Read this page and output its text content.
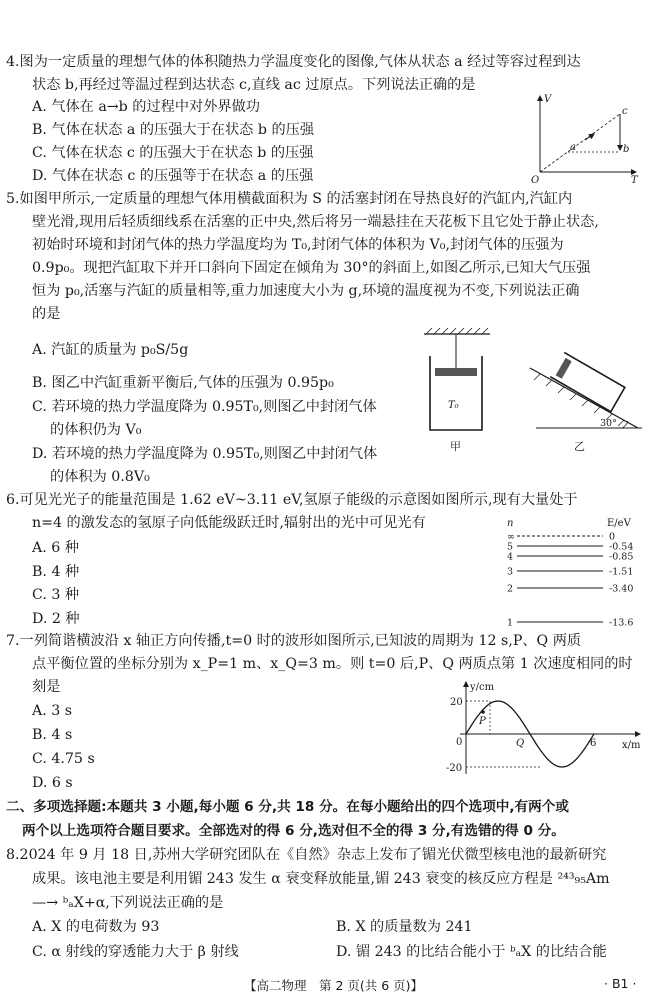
4.图为一定质量的理想气体的体积随热力学温度变化的图像,气体从状态 a 经过等容过程到达
状态 b,再经过等温过程到达状态 c,直线 ac 过原点。下列说法正确的是
A. 气体在 a→b 的过程中对外界做功
B. 气体在状态 a 的压强大于在状态 b 的压强
C. 气体在状态 c 的压强大于在状态 b 的压强
D. 气体在状态 c 的压强等于在状态 a 的压强
V
T
O
a	b
c
5.如图甲所示,一定质量的理想气体用横截面积为 S 的活塞封闭在导热良好的汽缸内,汽缸内
壁光滑,现用后轻质细线系在活塞的正中央,然后将另一端悬挂在天花板下且它处于静止状态,
初始时环境和封闭气体的热力学温度均为 T₀,封闭气体的体积为 V₀,封闭气体的压强为
0.9p₀。现把汽缸取下并开口斜向下固定在倾角为 30°的斜面上,如图乙所示,已知大气压强
恒为 p₀,活塞与汽缸的质量相等,重力加速度大小为 g,环境的温度视为不变,下列说法正确
的是
A. 汽缸的质量为 p₀S/5g
B. 图乙中汽缸重新平衡后,气体的压强为 0.95p₀
C. 若环境的热力学温度降为 0.95T₀,则图乙中封闭气体
的体积仍为 V₀
D. 若环境的热力学温度降为 0.95T₀,则图乙中封闭气体
的体积为 0.8V₀
T₀
甲
30°
乙
6.可见光光子的能量范围是 1.62 eV~3.11 eV,氢原子能级的示意图如图所示,现有大量处于
n=4 的激发态的氢原子向低能级跃迁时,辐射出的光中可见光有
A. 6 种
B. 4 种
C. 3 种
D. 2 种
n	E/eV
∞	0
5	-0.54
4	-0.85
3	-1.51
2	-3.40
1	-13.6
7.一列简谐横波沿 x 轴正方向传播,t=0 时的波形如图所示,已知波的周期为 12 s,P、Q 两质
点平衡位置的坐标分别为 x_P=1 m、x_Q=3 m。则 t=0 后,P、Q 两质点第 1 次速度相同的时
刻是
A. 3 s
B. 4 s
C. 4.75 s
D. 6 s
y/cm
x/m
0
20
-20
6
P
Q
二、多项选择题:本题共 3 小题,每小题 6 分,共 18 分。在每小题给出的四个选项中,有两个或
两个以上选项符合题目要求。全部选对的得 6 分,选对但不全的得 3 分,有选错的得 0 分。
8.2024 年 9 月 18 日,苏州大学研究团队在《自然》杂志上发布了镅光伏微型核电池的最新研究
成果。该电池主要是利用镅 243 发生 α 衰变释放能量,镅 243 衰变的核反应方程是 ²⁴³₉₅Am
—→ ᵇₐX+α,下列说法正确的是
A. X 的电荷数为 93	B. X 的质量数为 241
C. α 射线的穿透能力大于 β 射线	D. 镅 243 的比结合能小于 ᵇₐX 的比结合能
【高二物理　第 2 页(共 6 页)】	· B1 ·
